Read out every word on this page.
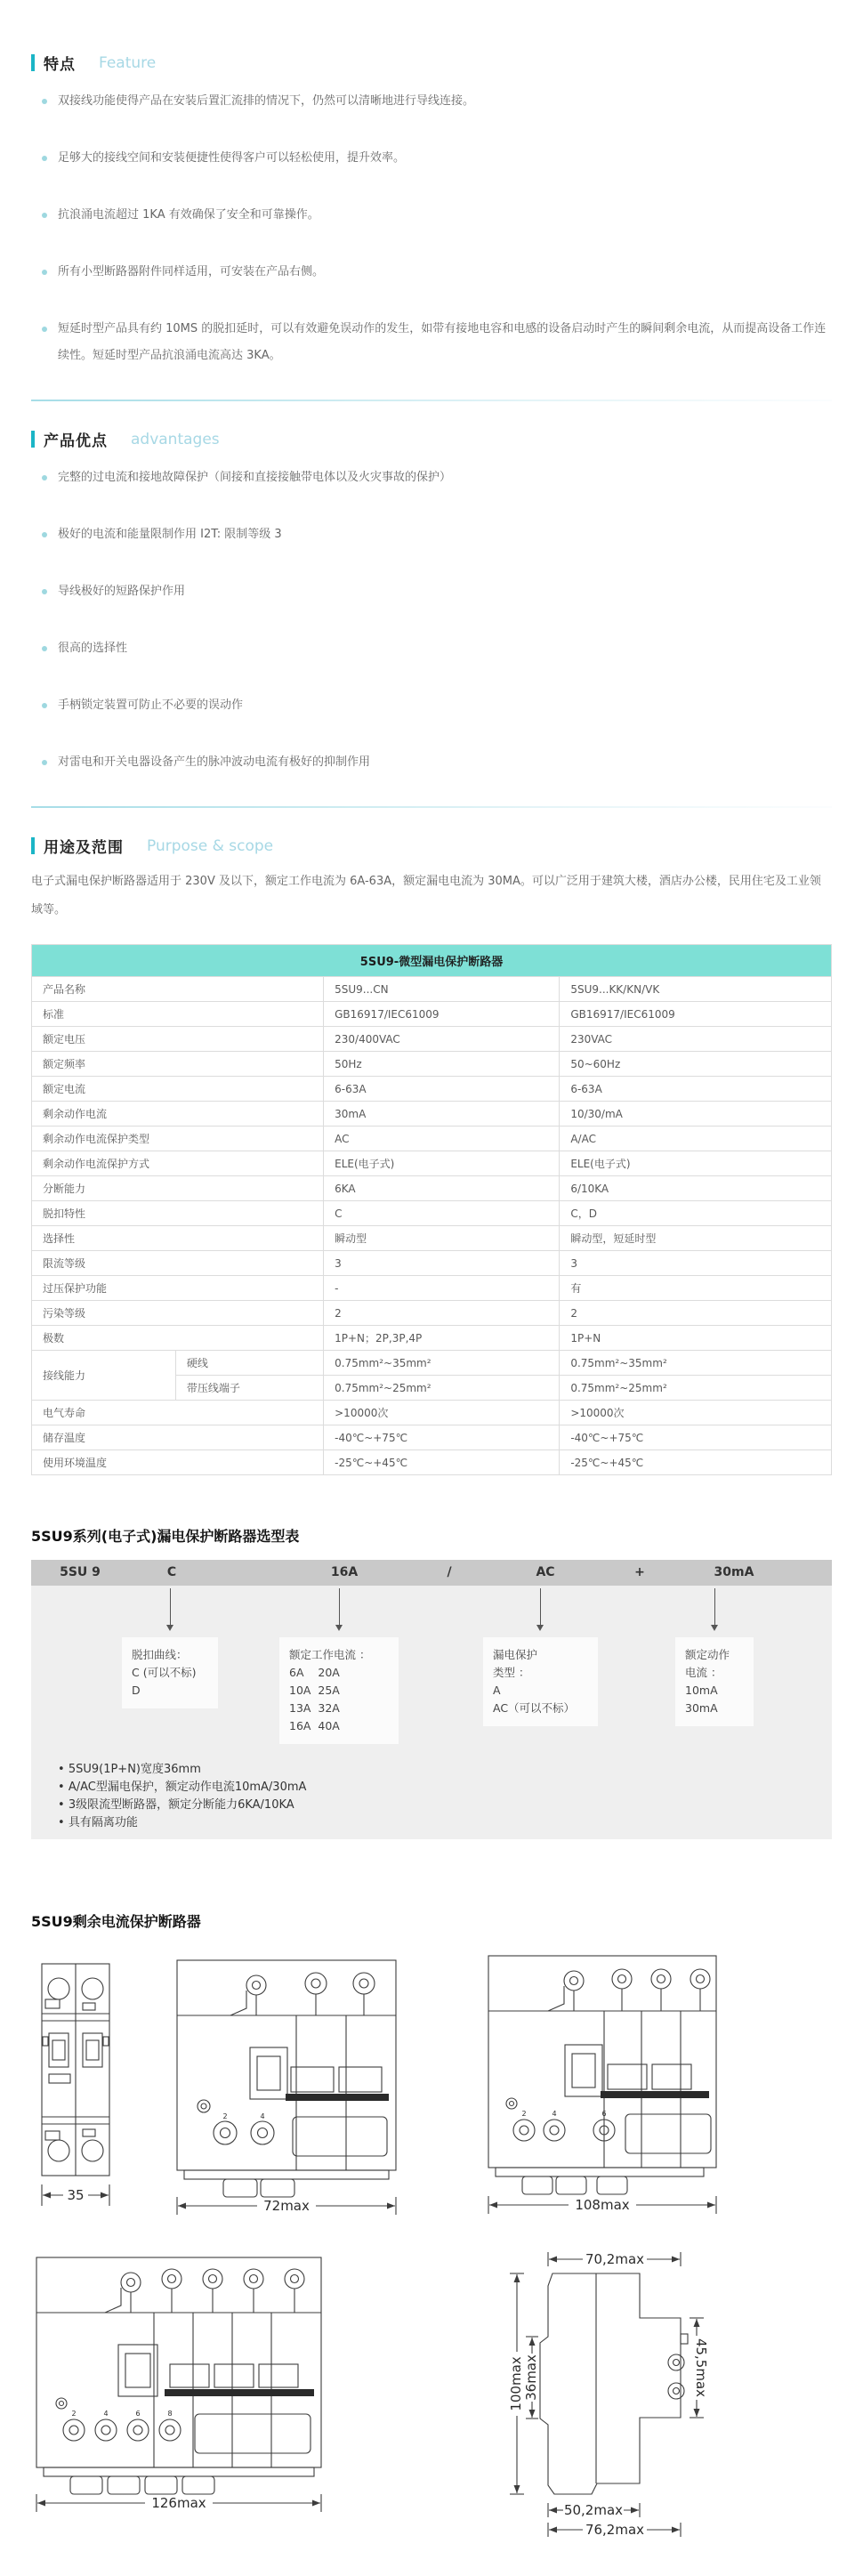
特点 Feature
双接线功能使得产品在安装后置汇流排的情况下，仍然可以清晰地进行导线连接。
足够大的接线空间和安装便捷性使得客户可以轻松使用，提升效率。
抗浪涌电流超过 1KA 有效确保了安全和可靠操作。
所有小型断路器附件同样适用，可安装在产品右侧。
短延时型产品具有约 10MS 的脱扣延时，可以有效避免误动作的发生，如带有接地电容和电感的设备启动时产生的瞬间剩余电流，从而提高设备工作连续性。短延时型产品抗浪涌电流高达 3KA。
产品优点 advantages
完整的过电流和接地故障保护（间接和直接接触带电体以及火灾事故的保护）
极好的电流和能量限制作用 I2T: 限制等级 3
导线极好的短路保护作用
很高的选择性
手柄锁定装置可防止不必要的误动作
对雷电和开关电器设备产生的脉冲波动电流有极好的抑制作用
用途及范围 Purpose & scope

电子式漏电保护断路器适用于 230V 及以下，额定工作电流为 6A-63A，额定漏电电流为 30MA。可以广泛用于建筑大楼，酒店办公楼，民用住宅及工业领域等。

5SU9-微型漏电保护断路器			
产品名称		5SU9...CN	5SU9...KK/KN/VK
标准		GB16917/IEC61009	GB16917/IEC61009
额定电压		230/400VAC	230VAC
额定频率		50Hz	50~60Hz
额定电流		6-63A	6-63A
剩余动作电流		30mA	10/30/mA
剩余动作电流保护类型		AC	A/AC
剩余动作电流保护方式		ELE(电子式)	ELE(电子式)
分断能力		6KA	6/10KA
脱扣特性		C	C，D
选择性		瞬动型	瞬动型，短延时型
限流等级		3	3
过压保护功能		-	有
污染等级		2	2
极数		1P+N；2P,3P,4P	1P+N
接线能力	硬线	0.75mm²~35mm²	0.75mm²~35mm²
	带压线端子	0.75mm²~25mm²	0.75mm²~25mm²
电气寿命		>10000次	>10000次
储存温度		-40℃~+75℃	-40℃~+75℃
使用环境温度		-25℃~+45℃	-25℃~+45℃
5SU9系列(电子式)漏电保护断路器选型表
5SU 9	C	16A	/	AC	+	30mA
脱扣曲线：
C (可以不标)
D
额定工作电流 ：
6A    20A
10A  25A
13A  32A
16A  40A
漏电保护
类型 ：
A
AC（可以不标）
额定动作
电流 ：
10mA
30mA
• 5SU9(1P+N)宽度36mm
• A/AC型漏电保护，额定动作电流10mA/30mA
• 3级限流型断路器，额定分断能力6KA/10KA
• 具有隔离功能
5SU9剩余电流保护断路器
35
2	4
72max
2	4	6
108max
2	4	6	8
126max
70,2max
100max 36max	45,5max
50,2max
76,2max
